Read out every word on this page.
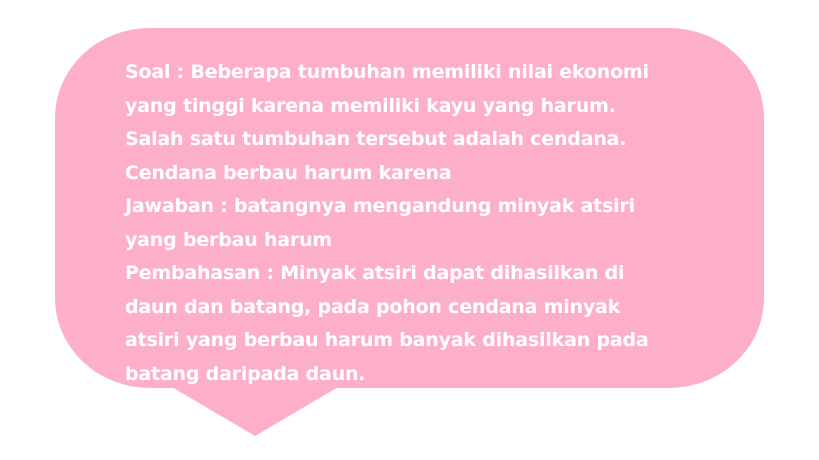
Soal : Beberapa tumbuhan memiliki nilai ekonomi
yang tinggi karena memiliki kayu yang harum.
Salah satu tumbuhan tersebut adalah cendana.
Cendana berbau harum karena
Jawaban : batangnya mengandung minyak atsiri
yang berbau harum
Pembahasan : Minyak atsiri dapat dihasilkan di
daun dan batang, pada pohon cendana minyak
atsiri yang berbau harum banyak dihasilkan pada
batang daripada daun.
